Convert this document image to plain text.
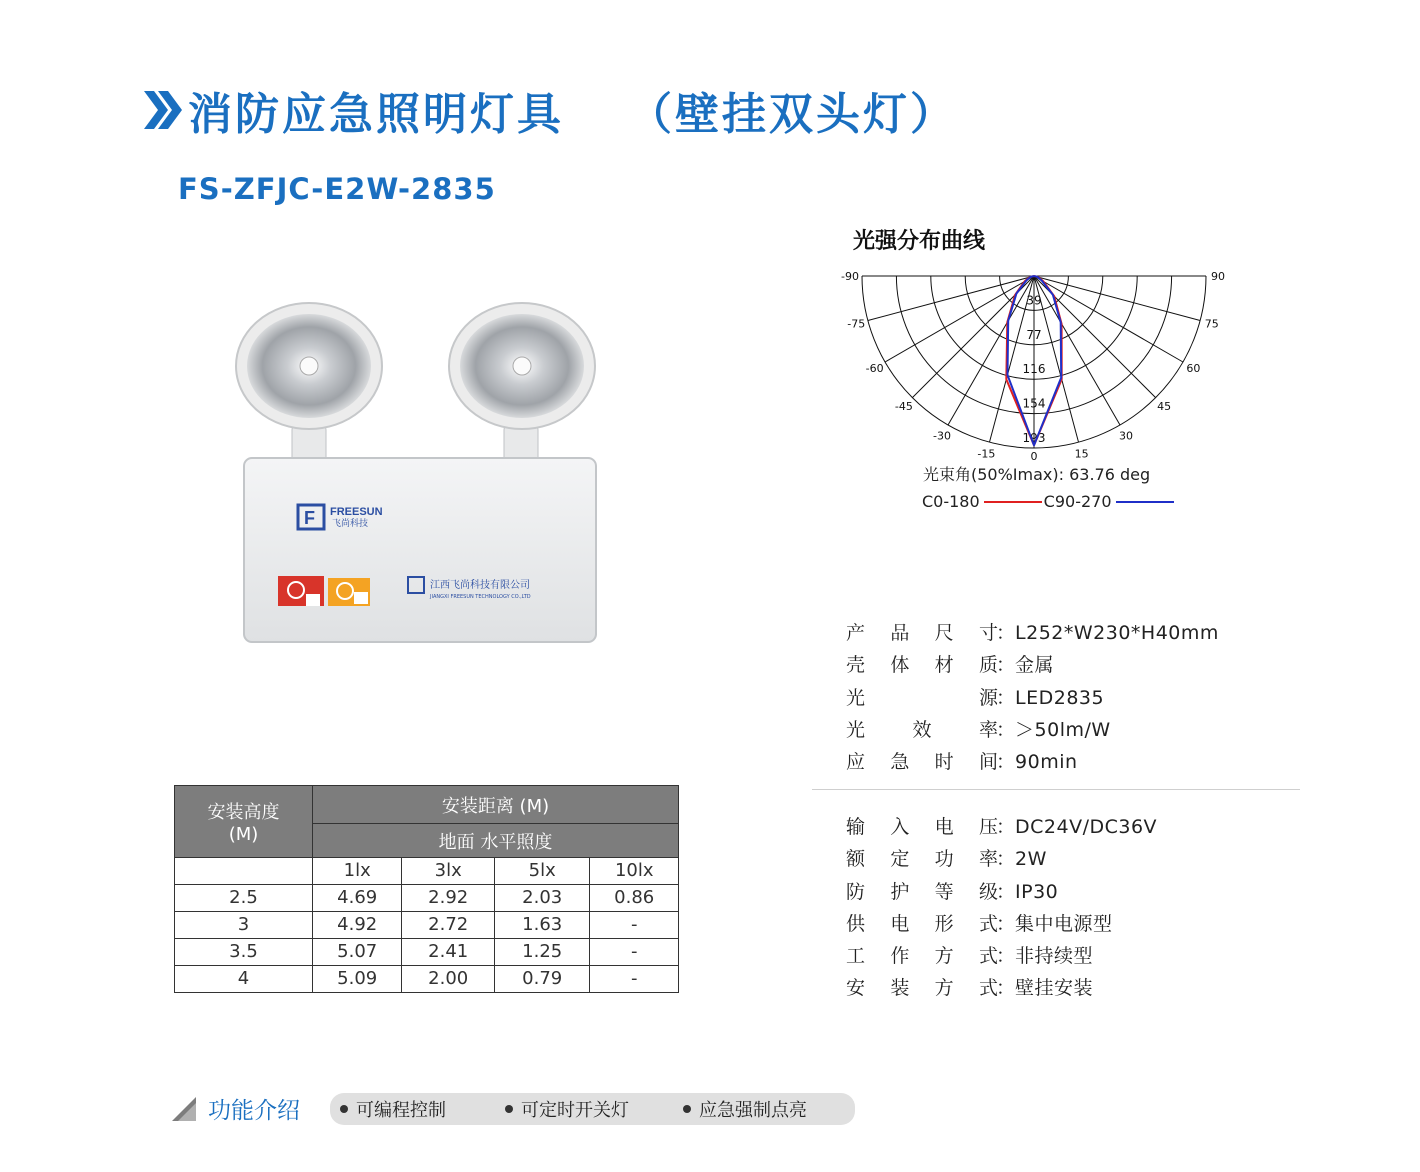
消防应急照明灯具 （壁挂双头灯）
FS-ZFJC-E2W-2835
F FREESUN
飞尚科技
江西飞尚科技有限公司
JIANGXI FREESUN TECHNOLOGY CO.,LTD
光强分布曲线
-90
-75
-60
-45
-30
-15
90
75
60
45
30
15
0
39
77
116
154
193
光束角(50%Imax): 63.76 deg
C0-180	C90-270
产 品 尺 寸
： L252*W230*H40mm
壳 体 材 质
： 金属
光	源
： LED2835
光 效 率
： ＞50lm/W
应 急 时 间
： 90min
输 入 电 压
： DC24V/DC36V
额 定 功 率
： 2W
防 护 等 级
： IP30
供 电 形 式
： 集中电源型
工 作 方 式
： 非持续型
安 装 方 式
： 壁挂安装
安装高度
(M)	安装距离 (M)			
	地面 水平照度			
	1lx	3lx	5lx	10lx
2.5	4.69	2.92	2.03	0.86
3	4.92	2.72	1.63	-
3.5	5.07	2.41	1.25	-
4	5.09	2.00	0.79	-
功能介绍	可编程控制	可定时开关灯	应急强制点亮
